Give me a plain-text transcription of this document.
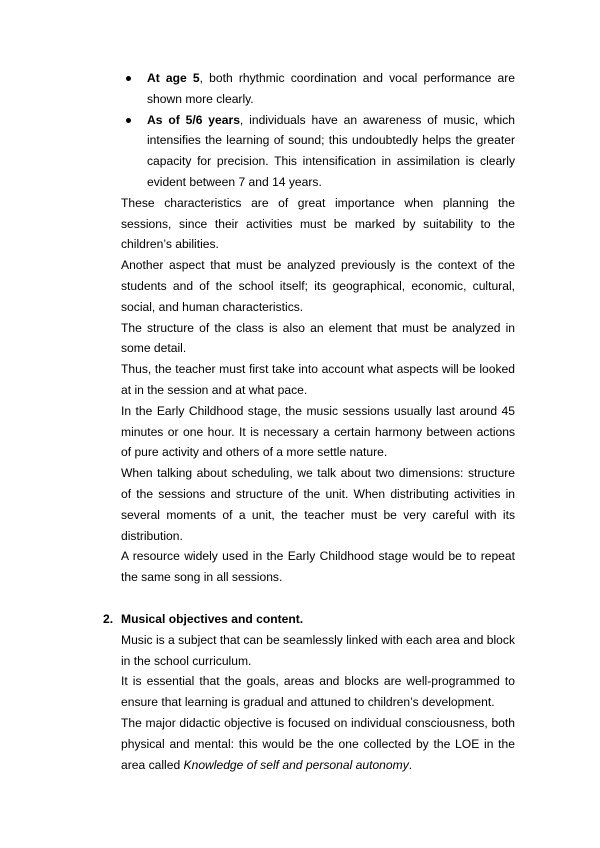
At age 5, both rhythmic coordination and vocal performance are shown more clearly.
As of 5/6 years, individuals have an awareness of music, which intensifies the learning of sound; this undoubtedly helps the greater capacity for precision. This intensification in assimilation is clearly evident between 7 and 14 years.

These characteristics are of great importance when planning the sessions, since their activities must be marked by suitability to the children’s abilities.

Another aspect that must be analyzed previously is the context of the students and of the school itself; its geographical, economic, cultural, social, and human characteristics.

The structure of the class is also an element that must be analyzed in some detail.

Thus, the teacher must first take into account what aspects will be looked at in the session and at what pace.

In the Early Childhood stage, the music sessions usually last around 45 minutes or one hour. It is necessary a certain harmony between actions of pure activity and others of a more settle nature.

When talking about scheduling, we talk about two dimensions: structure of the sessions and structure of the unit. When distributing activities in several moments of a unit, the teacher must be very careful with its distribution.

A resource widely used in the Early Childhood stage would be to repeat the same song in all sessions.

2. Musical objectives and content.

Music is a subject that can be seamlessly linked with each area and block in the school curriculum.

It is essential that the goals, areas and blocks are well-programmed to ensure that learning is gradual and attuned to children’s development.

The major didactic objective is focused on individual consciousness, both physical and mental: this would be the one collected by the LOE in the area called Knowledge of self and personal autonomy.
